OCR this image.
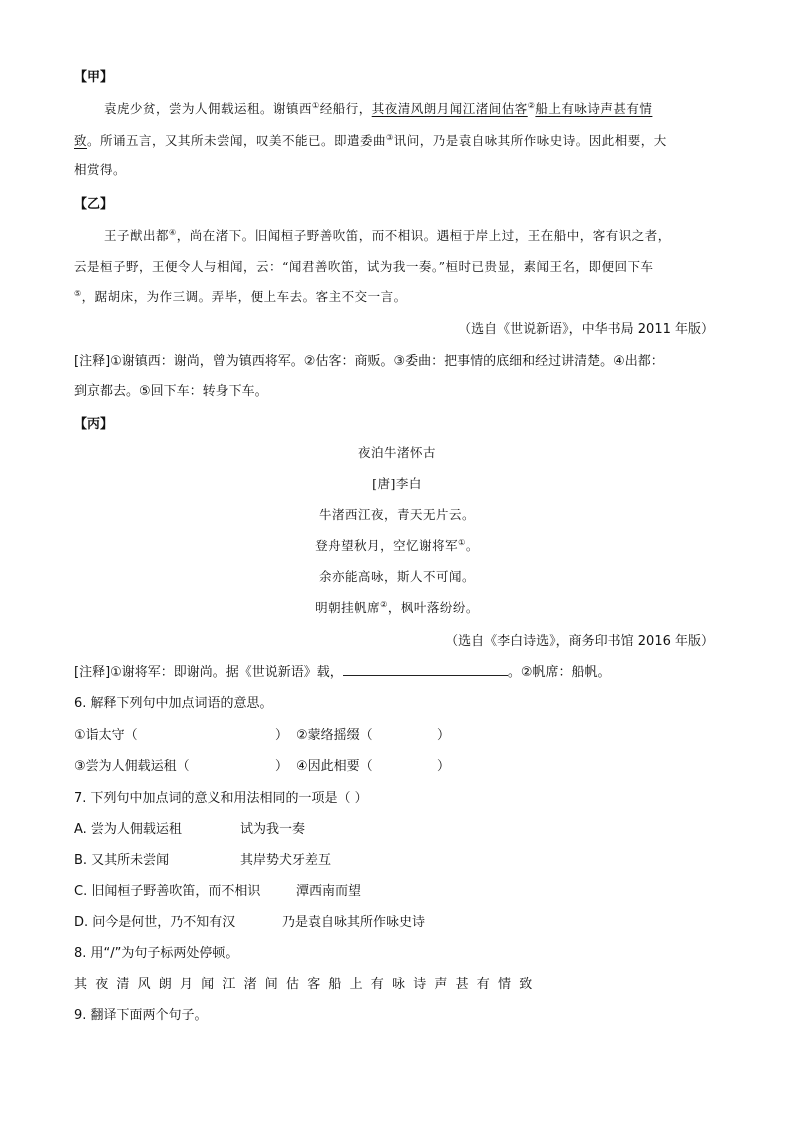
【甲】
袁虎少贫，尝为人佣载运租。谢镇西①经船行，其夜清风朗月闻江渚间估客②船上有咏诗声甚有情
致。所诵五言，又其所未尝闻，叹美不能已。即遣委曲③讯问，乃是袁自咏其所作咏史诗。因此相要，大
相赏得。
【乙】
王子猷出都④，尚在渚下。旧闻桓子野善吹笛，而不相识。遇桓于岸上过，王在船中，客有识之者，
云是桓子野，王便令人与相闻，云：“闻君善吹笛，试为我一奏。”桓时已贵显，素闻王名，即便回下车
⑤，踞胡床，为作三调。弄毕，便上车去。客主不交一言。
（选自《世说新语》，中华书局 2011 年版）
[注释]①谢镇西：谢尚，曾为镇西将军。②估客：商贩。③委曲：把事情的底细和经过讲清楚。④出都：
到京都去。⑤回下车：转身下车。
【丙】
夜泊牛渚怀古
[唐]李白
牛渚西江夜，青天无片云。
登舟望秋月，空忆谢将军①。
余亦能高咏，斯人不可闻。
明朝挂帆席②，枫叶落纷纷。
（选自《李白诗选》，商务印书馆 2016 年版）
[注释]①谢将军：即谢尚。据《世说新语》载，	。②帆席：船帆。
6. 解释下列句中加点词语的意思。
①诣太守（	） ②蒙络摇缀（	）
③尝为人佣载运租（	） ④因此相要（	）
7. 下列句中加点词的意义和用法相同的一项是（ ）
A. 尝为人佣载运租	试为我一奏
B. 又其所未尝闻	其岸势犬牙差互
C. 旧闻桓子野善吹笛，而不相识	潭西南而望
D. 问今是何世，乃不知有汉	乃是袁自咏其所作咏史诗
8. 用“/”为句子标两处停顿。
其夜清风朗月闻江渚间估客船上有咏诗声甚有情致
9. 翻译下面两个句子。
